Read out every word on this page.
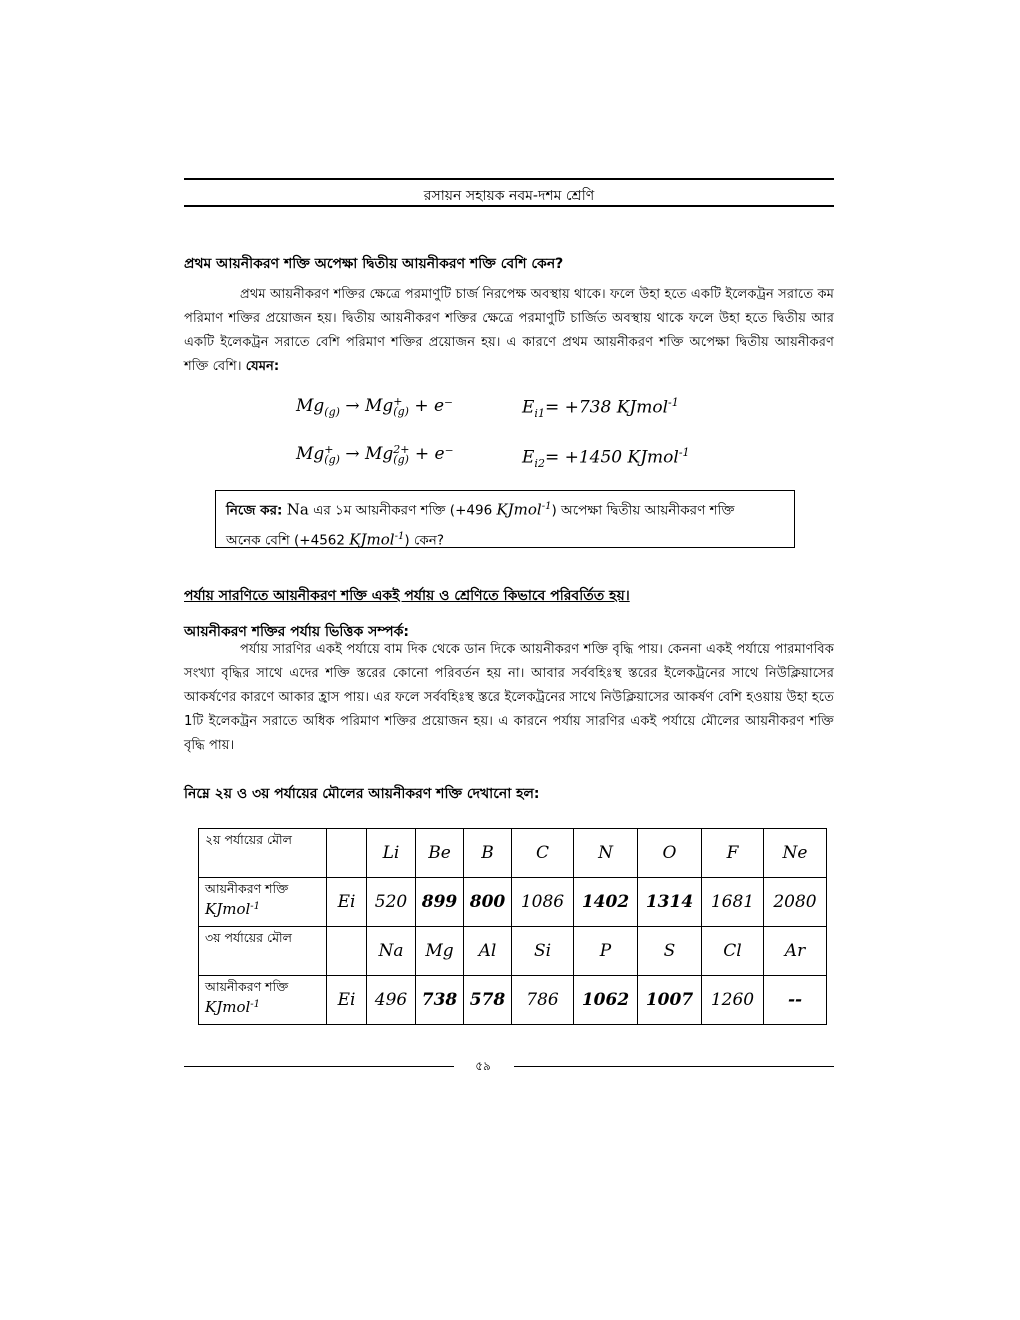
রসায়ন সহায়ক নবম-দশম শ্রেণি
প্রথম আয়নীকরণ শক্তি অপেক্ষা দ্বিতীয় আয়নীকরণ শক্তি বেশি কেন?
প্রথম আয়নীকরণ শক্তির ক্ষেত্রে পরমাণুটি চার্জ নিরপেক্ষ অবস্থায় থাকে। ফলে উহা হতে একটি ইলেকট্রন সরাতে কম পরিমাণ শক্তির প্রয়োজন হয়। দ্বিতীয় আয়নীকরণ শক্তির ক্ষেত্রে পরমাণুটি চার্জিত অবস্থায় থাকে ফলে উহা হতে দ্বিতীয় আর একটি ইলেকট্রন সরাতে বেশি পরিমাণ শক্তির প্রয়োজন হয়। এ কারণে প্রথম আয়নীকরণ শক্তি অপেক্ষা দ্বিতীয় আয়নীকরণ শক্তি বেশি। যেমন:
$Mg_{(g)} \to Mg$ +
(g) + e⁻	$E_{i1}= +738$ KJmol$^{-1}$
Mg +
(g) → Mg 2+
(g) + e⁻	$E_{i2}= +1450$ KJmol$^{-1}$
নিজে কর: Na এর ১ম আয়নীকরণ শক্তি (+496 KJmol$^{-1}$) অপেক্ষা দ্বিতীয় আয়নীকরণ শক্তি
অনেক বেশি (+4562 KJmol$^{-1}$) কেন?
পর্যায় সারণিতে আয়নীকরণ শক্তি একই পর্যায় ও শ্রেণিতে কিভাবে পরিবর্তিত হয়।
আয়নীকরণ শক্তির পর্যায় ভিত্তিক সম্পর্ক:
পর্যায় সারণির একই পর্যায়ে বাম দিক থেকে ডান দিকে আয়নীকরণ শক্তি বৃদ্ধি পায়। কেননা একই পর্যায়ে পারমাণবিক সংখ্যা বৃদ্ধির সাথে এদের শক্তি স্তরের কোনো পরিবর্তন হয় না। আবার সর্ববহিঃস্থ স্তরের ইলেকট্রনের সাথে নিউক্লিয়াসের আকর্ষণের কারণে আকার হ্রাস পায়। এর ফলে সর্ববহিঃস্থ স্তরে ইলেকট্রনের সাথে নিউক্লিয়াসের আকর্ষণ বেশি হওয়ায় উহা হতে 1টি ইলেকট্রন সরাতে অধিক পরিমাণ শক্তির প্রয়োজন হয়। এ কারনে পর্যায় সারণির একই পর্যায়ে মৌলের আয়নীকরণ শক্তি বৃদ্ধি পায়।
নিম্নে ২য় ও ৩য় পর্যায়ের মৌলের আয়নীকরণ শক্তি দেখানো হল:
২য় পর্যায়ের মৌল		Li	Be	B	C	N	O	F	Ne
আয়নীকরণ শক্তি
KJmol$^{-1}$	Ei	520	899	800	1086	1402	1314	1681	2080
৩য় পর্যায়ের মৌল		Na	Mg	Al	Si	P	S	Cl	Ar
আয়নীকরণ শক্তি
KJmol$^{-1}$	Ei	496	738	578	786	1062	1007	1260	--
৫৯
